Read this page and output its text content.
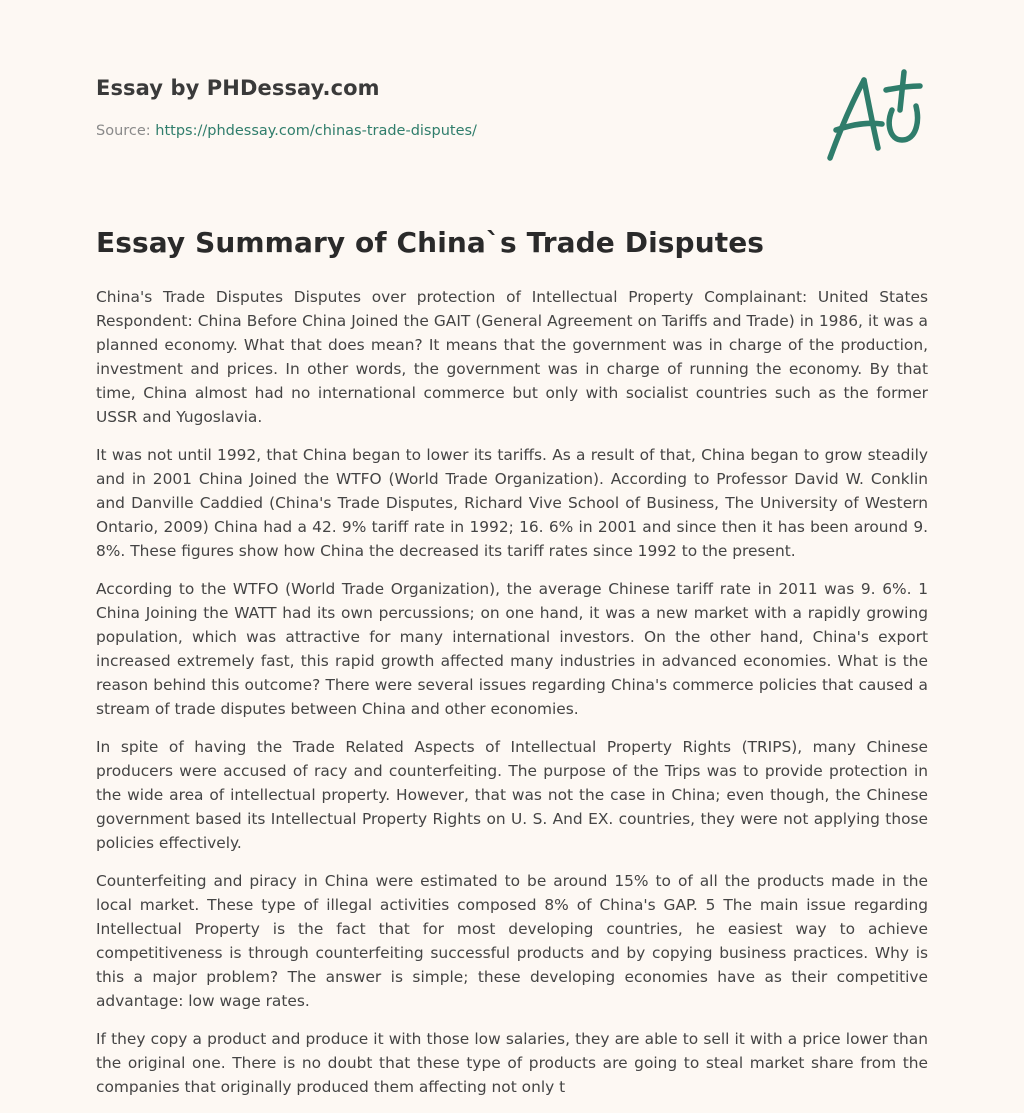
Essay by PHDessay.com
Source: https://phdessay.com/chinas-trade-disputes/
Essay Summary of China`s Trade Disputes

China's Trade Disputes Disputes over protection of Intellectual Property Complainant: United States Respondent: China Before China Joined the GAIT (General Agreement on Tariffs and Trade) in 1986, it was a planned economy. What that does mean? It means that the government was in charge of the production, investment and prices. In other words, the government was in charge of running the economy. By that time, China almost had no international commerce but only with socialist countries such as the former USSR and Yugoslavia.

It was not until 1992, that China began to lower its tariffs. As a result of that, China began to grow steadily and in 2001 China Joined the WTFO (World Trade Organization). According to Professor David W. Conklin and Danville Caddied (China's Trade Disputes, Richard Vive School of Business, The University of Western Ontario, 2009) China had a 42. 9% tariff rate in 1992; 16. 6% in 2001 and since then it has been around 9. 8%. These figures show how China the decreased its tariff rates since 1992 to the present.

According to the WTFO (World Trade Organization), the average Chinese tariff rate in 2011 was 9. 6%. 1 China Joining the WATT had its own percussions; on one hand, it was a new market with a rapidly growing population, which was attractive for many international investors. On the other hand, China's export increased extremely fast, this rapid growth affected many industries in advanced economies. What is the reason behind this outcome? There were several issues regarding China's commerce policies that caused a stream of trade disputes between China and other economies.

In spite of having the Trade Related Aspects of Intellectual Property Rights (TRIPS), many Chinese producers were accused of racy and counterfeiting. The purpose of the Trips was to provide protection in the wide area of intellectual property. However, that was not the case in China; even though, the Chinese government based its Intellectual Property Rights on U. S. And EX. countries, they were not applying those policies effectively.

Counterfeiting and piracy in China were estimated to be around 15% to of all the products made in the local market. These type of illegal activities composed 8% of China's GAP. 5 The main issue regarding Intellectual Property is the fact that for most developing countries, he easiest way to achieve competitiveness is through counterfeiting successful products and by copying business practices. Why is this a major problem? The answer is simple; these developing economies have as their competitive advantage: low wage rates.

If they copy a product and produce it with those low salaries, they are able to sell it with a price lower than the original one. There is no doubt that these type of products are going to steal market share from the companies that originally produced them affecting not only t
